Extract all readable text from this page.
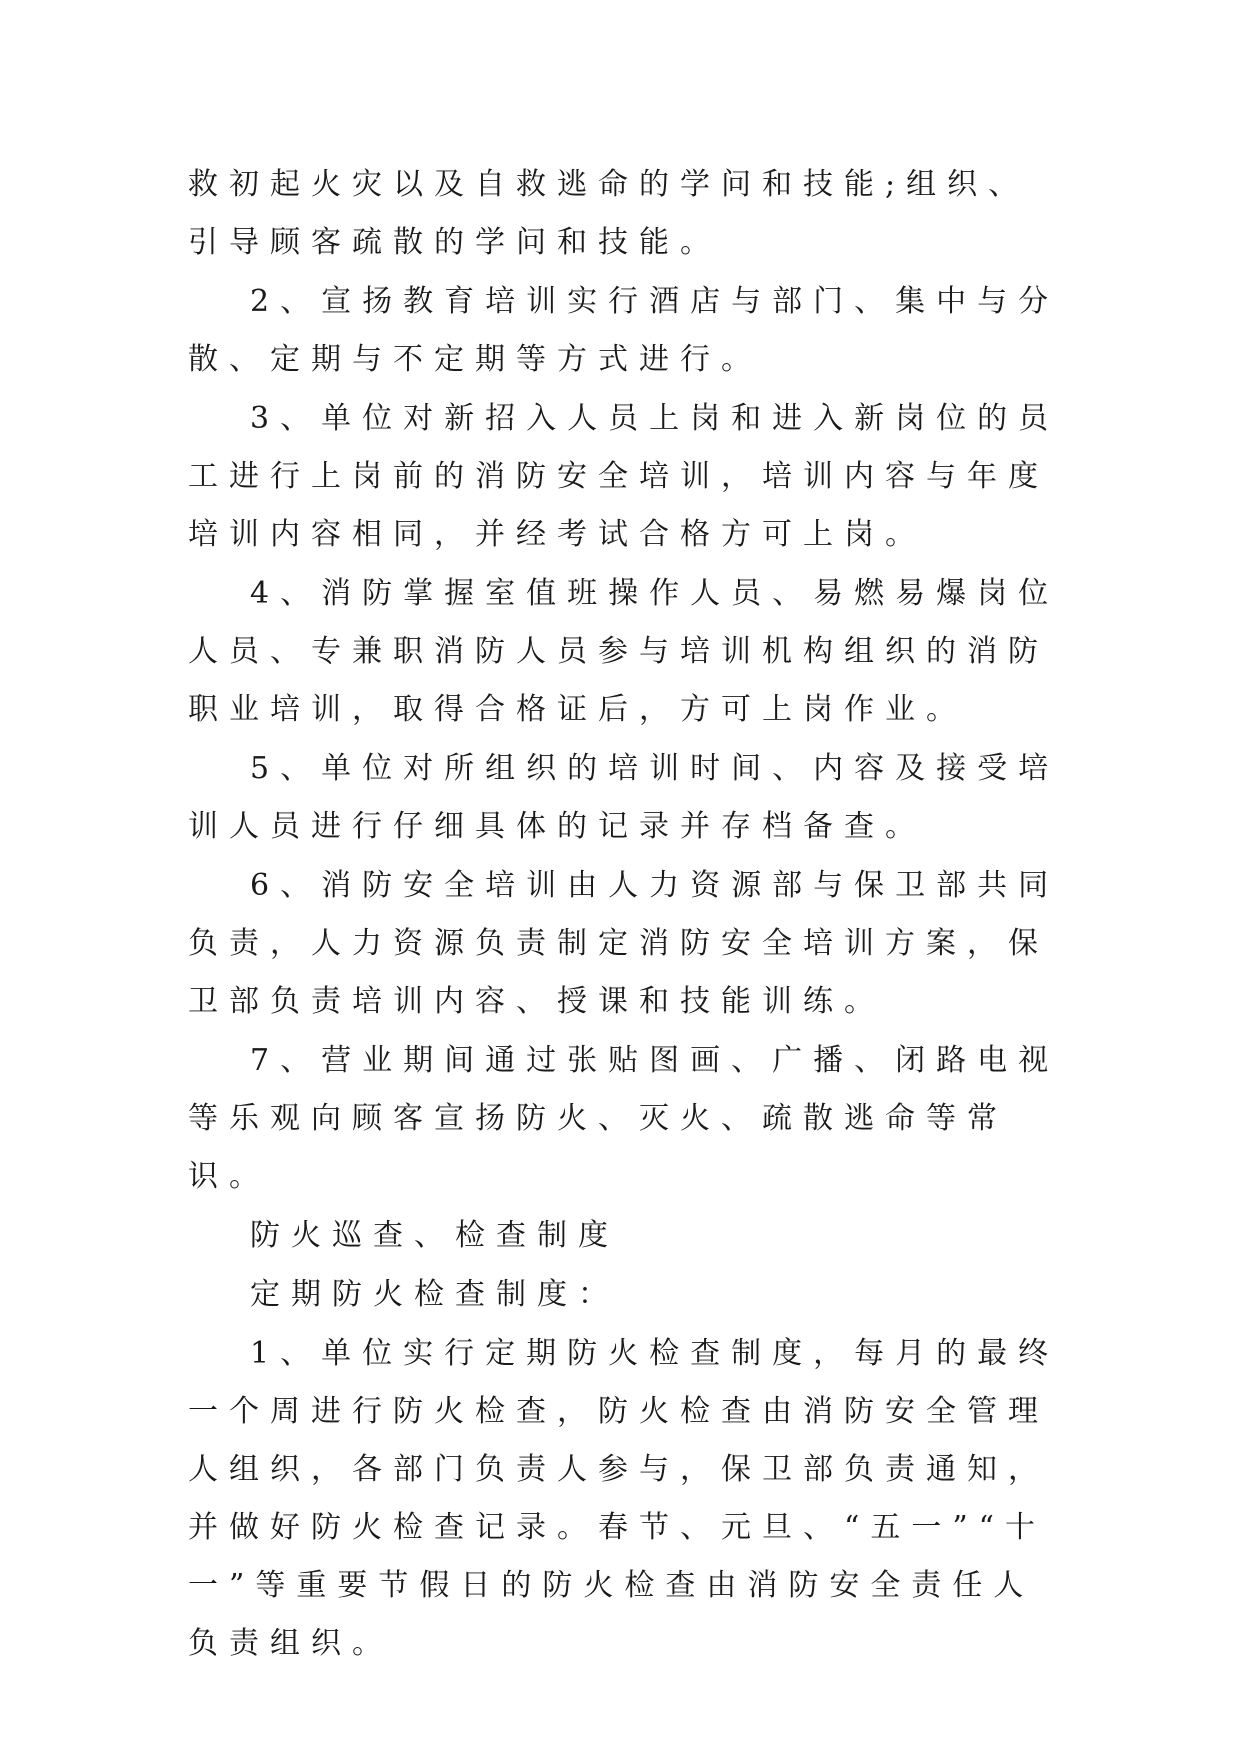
救初起火灾以及自救逃命的学问和技能;组织、引导顾客疏散的学问和技能。

2、宣扬教育培训实行酒店与部门、集中与分散、定期与不定期等方式进行。

3、单位对新招入人员上岗和进入新岗位的员工进行上岗前的消防安全培训，培训内容与年度培训内容相同，并经考试合格方可上岗。

4、消防掌握室值班操作人员、易燃易爆岗位人员、专兼职消防人员参与培训机构组织的消防职业培训，取得合格证后，方可上岗作业。

5、单位对所组织的培训时间、内容及接受培训人员进行仔细具体的记录并存档备查。

6、消防安全培训由人力资源部与保卫部共同负责，人力资源负责制定消防安全培训方案，保卫部负责培训内容、授课和技能训练。

7、营业期间通过张贴图画、广播、闭路电视等乐观向顾客宣扬防火、灭火、疏散逃命等常识。

防火巡查、检查制度

定期防火检查制度：

1、单位实行定期防火检查制度，每月的最终一个周进行防火检查，防火检查由消防安全管理人组织，各部门负责人参与，保卫部负责通知，并做好防火检查记录。春节、元旦、“五一”“十一”等重要节假日的防火检查由消防安全责任人负责组织。
